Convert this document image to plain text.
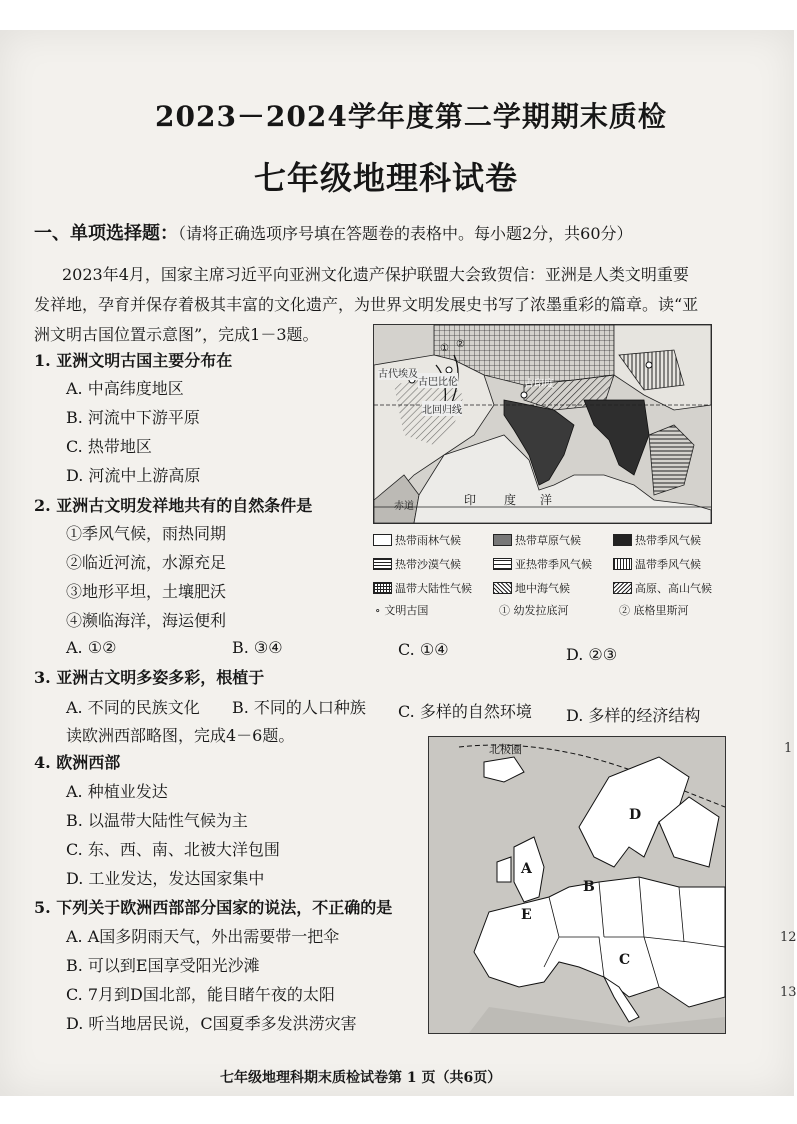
2023－2024学年度第二学期期末质检
七年级地理科试卷
一、单项选择题：（请将正确选项序号填在答题卷的表格中。每小题2分，共60分）
2023年4月，国家主席习近平向亚洲文化遗产保护联盟大会致贺信：亚洲是人类文明重要
发祥地，孕育并保存着极其丰富的文化遗产，为世界文明发展史书写了浓墨重彩的篇章。读“亚
洲文明古国位置示意图”，完成1－3题。
1. 亚洲文明古国主要分布在
A. 中高纬度地区
B. 河流中下游平原
C. 热带地区
D. 河流中上游高原
2. 亚洲古文明发祥地共有的自然条件是
①季风气候，雨热同期
②临近河流，水源充足
③地形平坦，土壤肥沃
④濒临海洋，海运便利
A. ①②	B. ③④	C. ①④	D. ②③
3. 亚洲古文明多姿多彩，根植于
A. 不同的民族文化 B. 不同的人口种族 C. 多样的自然环境 D. 多样的经济结构
读欧洲西部略图，完成4－6题。
4. 欧洲西部
A. 种植业发达
B. 以温带大陆性气候为主
C. 东、西、南、北被大洋包围
D. 工业发达，发达国家集中
5. 下列关于欧洲西部部分国家的说法，不正确的是
A. A国多阴雨天气，外出需要带一把伞
B. 可以到E国享受阳光沙滩
C. 7月到D国北部，能目睹午夜的太阳
D. 听当地居民说，C国夏季多发洪涝灾害
古代埃及
古巴比伦
北回归线
古印度
印 度 洋
赤道
① ②
热带雨林气候	热带草原气候	热带季风气候
热带沙漠气候	亚热带季风气候	温带季风气候
温带大陆性气候	地中海气候	高原、高山气候
∘ 文明古国	① 幼发拉底河	② 底格里斯河
北极圈
A
B
C
D
E
1
12
13
七年级地理科期末质检试卷第 1 页（共6页）
